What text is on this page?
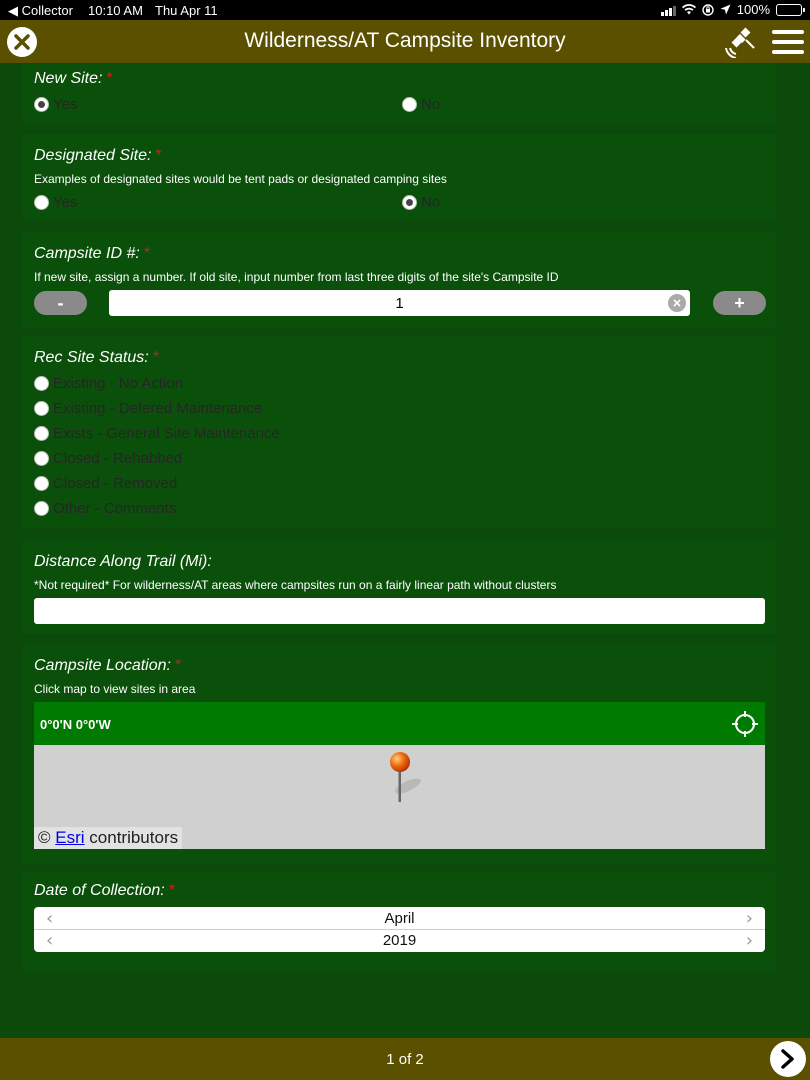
◀ Collector 10:10 AM Thu Apr 11	100%
Wilderness/AT Campsite Inventory
New Site: *
Yes	No
Designated Site: *
Examples of designated sites would be tent pads or designated camping sites
Yes	No
Campsite ID #: *
If new site, assign a number. If old site, input number from last three digits of the site's Campsite ID
-
1	+
Rec Site Status: *
Existing - No Action
Existing - Defered Maintenance
Exists - General Site Maintenance
Closed - Rehabbed
Closed - Removed
Other - Comments
Distance Along Trail (Mi):
*Not required* For wilderness/AT areas where campsites run on a fairly linear path without clusters
Campsite Location: *
Click map to view sites in area
0°0'N 0°0'W
© Esri contributors
Date of Collection: *
‹	April	›
‹	2019	›
1 of 2
